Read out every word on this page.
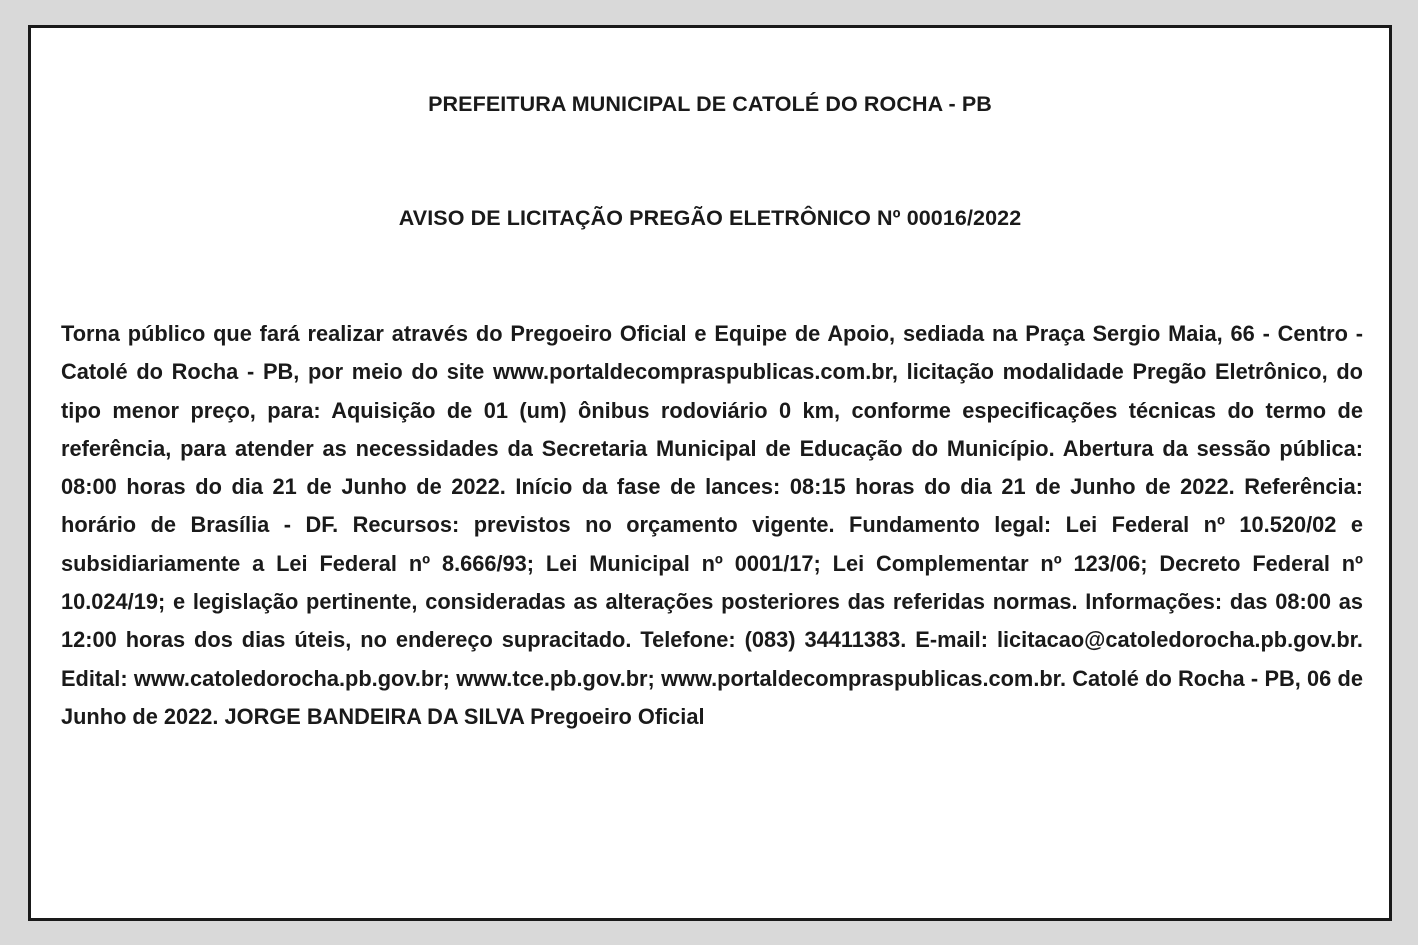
PREFEITURA MUNICIPAL DE CATOLÉ DO ROCHA - PB

AVISO DE LICITAÇÃO PREGÃO ELETRÔNICO Nº 00016/2022

Torna público que fará realizar através do Pregoeiro Oficial e Equipe de Apoio, sediada na Praça Sergio Maia, 66 - Centro - Catolé do Rocha - PB, por meio do site www.portaldecompraspublicas.com.br, licitação modalidade Pregão Eletrônico, do tipo menor preço, para: Aquisição de 01 (um) ônibus rodoviário 0 km, conforme especificações técnicas do termo de referência, para atender as necessidades da Secretaria Municipal de Educação do Município. Abertura da sessão pública: 08:00 horas do dia 21 de Junho de 2022. Início da fase de lances: 08:15 horas do dia 21 de Junho de 2022. Referência: horário de Brasília - DF. Recursos: previstos no orçamento vigente. Fundamento legal: Lei Federal nº 10.520/02 e subsidiariamente a Lei Federal nº 8.666/93; Lei Municipal nº 0001/17; Lei Complementar nº 123/06; Decreto Federal nº 10.024/19; e legislação pertinente, consideradas as alterações posteriores das referidas normas. Informações: das 08:00 as 12:00 horas dos dias úteis, no endereço supracitado. Telefone: (083) 34411383. E-mail: licitacao@catoledorocha.pb.gov.br. Edital: www.catoledorocha.pb.gov.br; www.tce.pb.gov.br; www.portaldecompraspublicas.com.br. Catolé do Rocha - PB, 06 de Junho de 2022. JORGE BANDEIRA DA SILVA Pregoeiro Oficial
